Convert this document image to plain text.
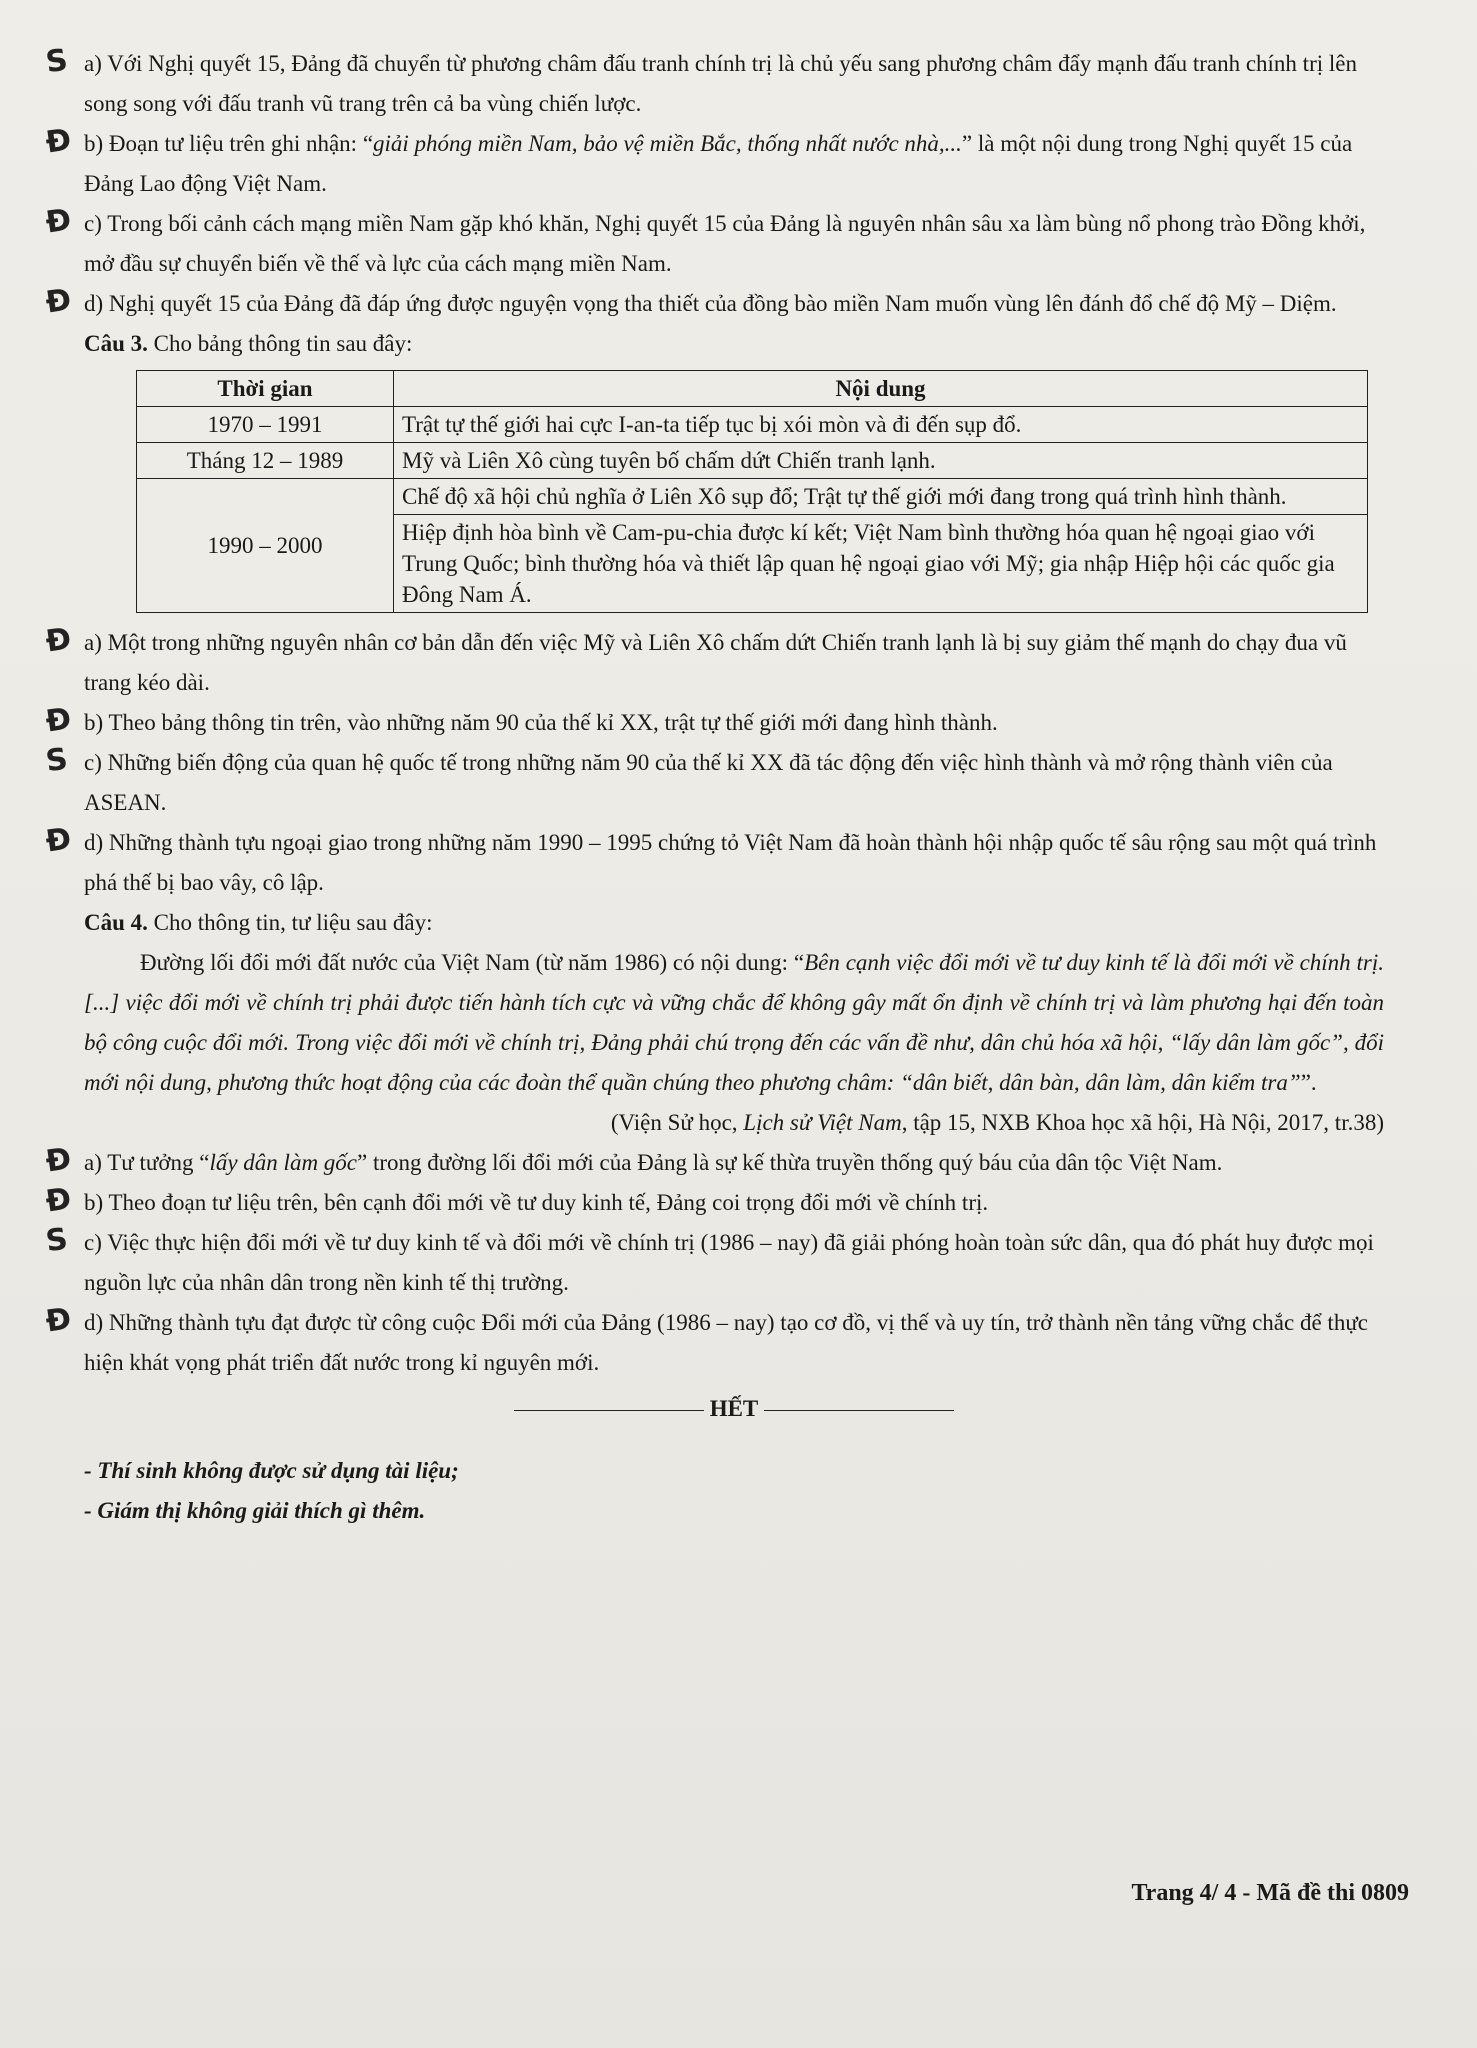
S a) Với Nghị quyết 15, Đảng đã chuyển từ phương châm đấu tranh chính trị là chủ yếu sang phương châm đẩy mạnh đấu tranh chính trị lên song song với đấu tranh vũ trang trên cả ba vùng chiến lược.

Đ b) Đoạn tư liệu trên ghi nhận: “giải phóng miền Nam, bảo vệ miền Bắc, thống nhất nước nhà,...” là một nội dung trong Nghị quyết 15 của Đảng Lao động Việt Nam.

Đ c) Trong bối cảnh cách mạng miền Nam gặp khó khăn, Nghị quyết 15 của Đảng là nguyên nhân sâu xa làm bùng nổ phong trào Đồng khởi, mở đầu sự chuyển biến về thế và lực của cách mạng miền Nam.

Đ d) Nghị quyết 15 của Đảng đã đáp ứng được nguyện vọng tha thiết của đồng bào miền Nam muốn vùng lên đánh đổ chế độ Mỹ – Diệm.

Câu 3. Cho bảng thông tin sau đây:

Thời gian	Nội dung
1970 – 1991	Trật tự thế giới hai cực I-an-ta tiếp tục bị xói mòn và đi đến sụp đổ.
Tháng 12 – 1989	Mỹ và Liên Xô cùng tuyên bố chấm dứt Chiến tranh lạnh.
1990 – 2000	Chế độ xã hội chủ nghĩa ở Liên Xô sụp đổ; Trật tự thế giới mới đang trong quá trình hình thành.
	Hiệp định hòa bình về Cam-pu-chia được kí kết; Việt Nam bình thường hóa quan hệ ngoại giao với Trung Quốc; bình thường hóa và thiết lập quan hệ ngoại giao với Mỹ; gia nhập Hiệp hội các quốc gia Đông Nam Á.

Đ a) Một trong những nguyên nhân cơ bản dẫn đến việc Mỹ và Liên Xô chấm dứt Chiến tranh lạnh là bị suy giảm thế mạnh do chạy đua vũ trang kéo dài.

Đ b) Theo bảng thông tin trên, vào những năm 90 của thế kỉ XX, trật tự thế giới mới đang hình thành.

S c) Những biến động của quan hệ quốc tế trong những năm 90 của thế kỉ XX đã tác động đến việc hình thành và mở rộng thành viên của ASEAN.

Đ d) Những thành tựu ngoại giao trong những năm 1990 – 1995 chứng tỏ Việt Nam đã hoàn thành hội nhập quốc tế sâu rộng sau một quá trình phá thế bị bao vây, cô lập.

Câu 4. Cho thông tin, tư liệu sau đây:

Đường lối đổi mới đất nước của Việt Nam (từ năm 1986) có nội dung: “Bên cạnh việc đổi mới về tư duy kinh tế là đổi mới về chính trị. [...] việc đổi mới về chính trị phải được tiến hành tích cực và vững chắc để không gây mất ổn định về chính trị và làm phương hại đến toàn bộ công cuộc đổi mới. Trong việc đổi mới về chính trị, Đảng phải chú trọng đến các vấn đề như, dân chủ hóa xã hội, “lấy dân làm gốc”, đổi mới nội dung, phương thức hoạt động của các đoàn thể quần chúng theo phương châm: “dân biết, dân bàn, dân làm, dân kiểm tra””.

(Viện Sử học, Lịch sử Việt Nam, tập 15, NXB Khoa học xã hội, Hà Nội, 2017, tr.38)

Đ a) Tư tưởng “lấy dân làm gốc” trong đường lối đổi mới của Đảng là sự kế thừa truyền thống quý báu của dân tộc Việt Nam.

Đ b) Theo đoạn tư liệu trên, bên cạnh đổi mới về tư duy kinh tế, Đảng coi trọng đổi mới về chính trị.

S c) Việc thực hiện đổi mới về tư duy kinh tế và đổi mới về chính trị (1986 – nay) đã giải phóng hoàn toàn sức dân, qua đó phát huy được mọi nguồn lực của nhân dân trong nền kinh tế thị trường.

Đ d) Những thành tựu đạt được từ công cuộc Đổi mới của Đảng (1986 – nay) tạo cơ đồ, vị thế và uy tín, trở thành nền tảng vững chắc để thực hiện khát vọng phát triển đất nước trong kỉ nguyên mới.

HẾT

- Thí sinh không được sử dụng tài liệu;

- Giám thị không giải thích gì thêm.

Trang 4/ 4 - Mã đề thi 0809
